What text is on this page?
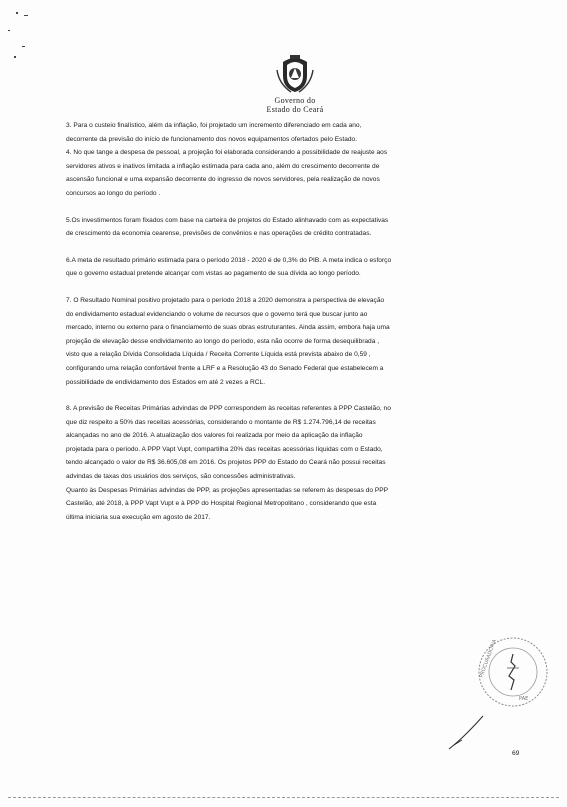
Governo do
Estado do Ceará

3. Para o custeio finalístico, além da inflação, foi projetado um incremento diferenciado em cada ano,
decorrente da previsão do início de funcionamento dos novos equipamentos ofertados pelo Estado.

4. No que tange a despesa de pessoal, a projeção foi elaborada considerando a possibilidade de reajuste aos
servidores ativos e inativos limitada a inflação estimada para cada ano, além do crescimento decorrente de
ascensão funcional e uma expansão decorrente do ingresso de novos servidores, pela realização de novos
concursos ao longo do período .

5.Os investimentos foram fixados com base na carteira de projetos do Estado alinhavado com as expectativas
de crescimento da economia cearense, previsões de convênios e nas operações de crédito contratadas.

6.A meta de resultado primário estimada para o período 2018 - 2020 é de 0,3% do PIB. A meta indica o esforço
que o governo estadual pretende alcançar com vistas ao pagamento de sua dívida ao longo período.

7. O Resultado Nominal positivo projetado para o período 2018 a 2020 demonstra a perspectiva de elevação
do endividamento estadual evidenciando o volume de recursos que o governo terá que buscar junto ao
mercado, interno ou externo para o financiamento de suas obras estruturantes. Ainda assim, embora haja uma
projeção de elevação desse endividamento ao longo do período, esta não ocorre de forma desequilibrada ,
visto que a relação Dívida Consolidada Líquida / Receita Corrente Líquida está prevista abaixo de 0,59 ,
configurando uma relação confortável frente a LRF e a Resolução 43 do Senado Federal que estabelecem a
possibilidade de endividamento dos Estados em até 2 vezes a RCL.

8. A previsão de Receitas Primárias advindas de PPP correspondem às receitas referentes à PPP Castelão, no
que diz respeito a 50% das receitas acessórias, considerando o montante de R$ 1.274.796,14 de receitas
alcançadas no ano de 2016. A atualização dos valores foi realizada por meio da aplicação da inflação
projetada para o período. A PPP Vapt Vupt, compartilha 20% das receitas acessórias líquidas com o Estado,
tendo alcançado o valor de R$ 36.605,08 em 2016. Os projetos PPP do Estado do Ceará não possui receitas
advindas de taxas dos usuários dos serviços, são concessões administrativas.
Quanto às Despesas Primárias advindas de PPP, as projeções apresentadas se referem às despesas do PPP
Castelão, até 2018, à PPP Vapt Vupt e à PPP do Hospital Regional Metropolitano , considerando que esta
última iniciaria sua execução em agosto de 2017.

PROCURADORIA
PAE
69
